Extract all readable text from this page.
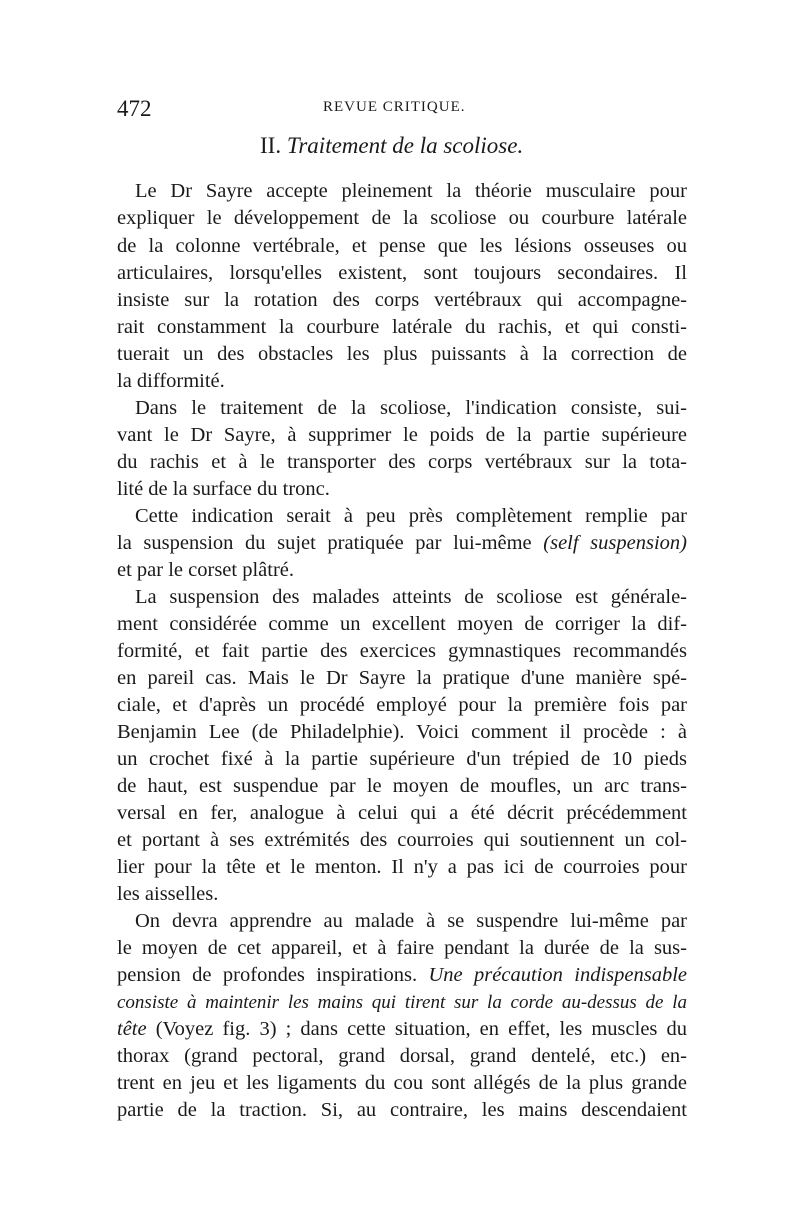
472	REVUE CRITIQUE.
II. Traitement de la scoliose.
Le Dr Sayre accepte pleinement la théorie musculaire pour
expliquer le développement de la scoliose ou courbure latérale
de la colonne vertébrale, et pense que les lésions osseuses ou
articulaires, lorsqu'elles existent, sont toujours secondaires. Il
insiste sur la rotation des corps vertébraux qui accompagne-
rait constamment la courbure latérale du rachis, et qui consti-
tuerait un des obstacles les plus puissants à la correction de
la difformité.
Dans le traitement de la scoliose, l'indication consiste, sui-
vant le Dr Sayre, à supprimer le poids de la partie supérieure
du rachis et à le transporter des corps vertébraux sur la tota-
lité de la surface du tronc.
Cette indication serait à peu près complètement remplie par
la suspension du sujet pratiquée par lui-même (self suspension)
et par le corset plâtré.
La suspension des malades atteints de scoliose est générale-
ment considérée comme un excellent moyen de corriger la dif-
formité, et fait partie des exercices gymnastiques recommandés
en pareil cas. Mais le Dr Sayre la pratique d'une manière spé-
ciale, et d'après un procédé employé pour la première fois par
Benjamin Lee (de Philadelphie). Voici comment il procède : à
un crochet fixé à la partie supérieure d'un trépied de 10 pieds
de haut, est suspendue par le moyen de moufles, un arc trans-
versal en fer, analogue à celui qui a été décrit précédemment
et portant à ses extrémités des courroies qui soutiennent un col-
lier pour la tête et le menton. Il n'y a pas ici de courroies pour
les aisselles.
On devra apprendre au malade à se suspendre lui-même par
le moyen de cet appareil, et à faire pendant la durée de la sus-
pension de profondes inspirations. Une précaution indispensable
consiste à maintenir les mains qui tirent sur la corde au-dessus de la
tête (Voyez fig. 3) ; dans cette situation, en effet, les muscles du
thorax (grand pectoral, grand dorsal, grand dentelé, etc.) en-
trent en jeu et les ligaments du cou sont allégés de la plus grande
partie de la traction. Si, au contraire, les mains descendaient
